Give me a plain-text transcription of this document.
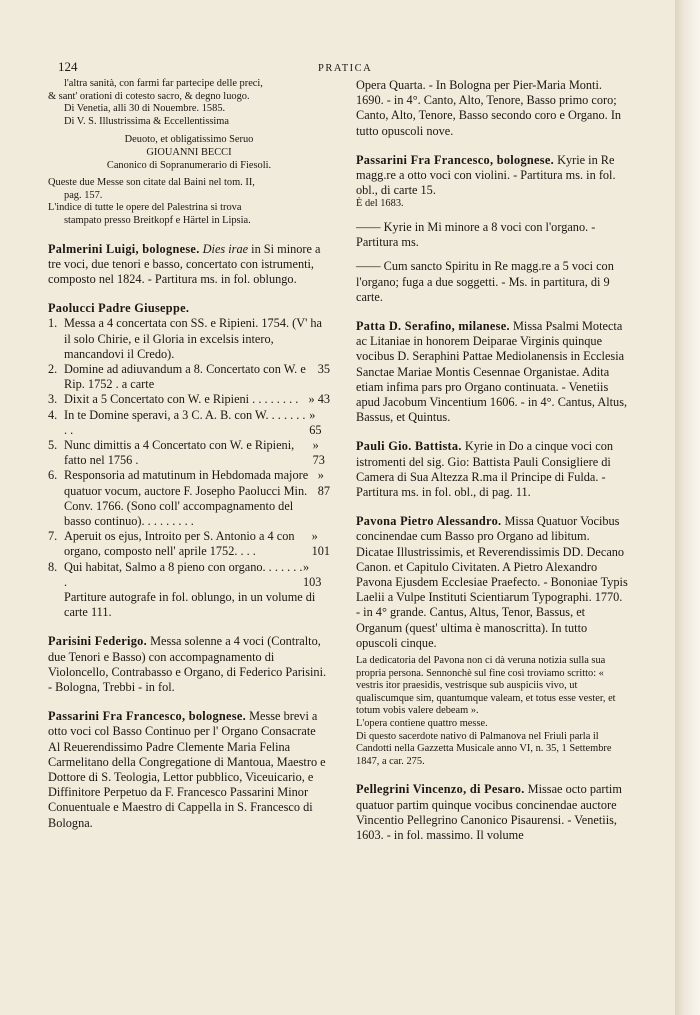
124	PRATICA
l'altra sanità, con farmi far partecipe delle preci,
& sant' orationi di cotesto sacro, & degno luogo.
Di Venetia, alli 30 di Nouembre. 1585.
Di V. S. Illustrissima & Eccellentissima
Deuoto, et obligatissimo Seruo
GIOUANNI BECCI
Canonico di Sopranumerario di Fiesoli.
Queste due Messe son citate dal Baini nel tom. II,
pag. 157.
L'indice di tutte le opere del Palestrina si trova
stampato presso Breitkopf e Härtel in Lipsia.
Palmerini Luigi, bolognese. Dies irae in Si minore a tre voci, due tenori e basso, concertato con istrumenti, composto nel 1824. - Partitura ms. in fol. oblungo.
Paolucci Padre Giuseppe.
1. Messa a 4 concertata con SS. e Ripieni. 1754. (V' ha il solo Chirie, e il Gloria in excelsis intero, mancandovi il Credo).
2. Domine ad adiuvandum a 8. Concertato con W. e Rip. 1752 . a carte
35
3. Dixit a 5 Concertato con W. e Ripieni . . . . . . . . » 43
4. In te Domine speravi, a 3 C. A. B. con W. . . . . . . . .
» 65
5. Nunc dimittis a 4 Concertato con W. e Ripieni, fatto nel 1756 .
» 73
6. Responsoria ad matutinum in Hebdomada majore quatuor vocum, auctore F. Josepho Paolucci Min. Conv. 1766. (Sono coll' accompagnamento del basso continuo). . . . . . . . .
» 87
7. Aperuit os ejus, Introito per S. Antonio a 4 con organo, composto nell' aprile 1752. . . .
» 101
8. Qui habitat, Salmo a 8 pieno con organo. . . . . . . .
» 103
Partiture autografe in fol. oblungo, in un volume di carte 111.
Parisini Federigo. Messa solenne a 4 voci (Contralto, due Tenori e Basso) con accompagnamento di Violoncello, Contrabasso e Organo, di Federico Parisini. - Bologna, Trebbi - in fol.
Passarini Fra Francesco, bolognese. Messe brevi a otto voci col Basso Continuo per l' Organo Consacrate Al Reuerendissimo Padre Clemente Maria Felina Carmelitano della Congregatione di Mantoua, Maestro e Dottore di S. Teologia, Lettor pubblico, Viceuicario, e Diffinitore Perpetuo da F. Francesco Passarini Minor Conuentuale e Maestro di Cappella in S. Francesco di Bologna.
Opera Quarta. - In Bologna per Pier-Maria Monti. 1690. - in 4°. Canto, Alto, Tenore, Basso primo coro; Canto, Alto, Tenore, Basso secondo coro e Organo. In tutto opuscoli nove.
Passarini Fra Francesco, bolognese. Kyrie in Re magg.re a otto voci con violini. - Partitura ms. in fol. obl., di carte 15.
È del 1683.
—— Kyrie in Mi minore a 8 voci con l'organo. - Partitura ms.
—— Cum sancto Spiritu in Re magg.re a 5 voci con l'organo; fuga a due soggetti. - Ms. in partitura, di 9 carte.
Patta D. Serafino, milanese. Missa Psalmi Motecta ac Litaniae in honorem Deiparae Virginis quinque vocibus D. Seraphini Pattae Mediolanensis in Ecclesia Sanctae Mariae Montis Cesennae Organistae. Adita etiam infima pars pro Organo continuata. - Venetiis apud Jacobum Vincentium 1606. - in 4°. Cantus, Altus, Bassus, et Quintus.
Pauli Gio. Battista. Kyrie in Do a cinque voci con istromenti del sig. Gio: Battista Pauli Consigliere di Camera di Sua Altezza R.ma il Principe di Fulda. - Partitura ms. in fol. obl., di pag. 11.
Pavona Pietro Alessandro. Missa Quatuor Vocibus concinendae cum Basso pro Organo ad libitum. Dicatae Illustrissimis, et Reverendissimis DD. Decano Canon. et Capitulo Civitaten. A Pietro Alexandro Pavona Ejusdem Ecclesiae Praefecto. - Bononiae Typis Laelii a Vulpe Instituti Scientiarum Typographi. 1770. - in 4° grande. Cantus, Altus, Tenor, Bassus, et Organum (quest' ultima è manoscritta). In tutto opuscoli cinque.
La dedicatoria del Pavona non ci dà veruna notizia sulla sua propria persona. Sennonchè sul fine così troviamo scritto: « vestris itor praesidis, vestrisque sub auspiciis vivo, ut qualiscumque sim, quantumque valeam, et totus esse vester, et totum vobis valere debeam ».
L'opera contiene quattro messe.
Di questo sacerdote nativo di Palmanova nel Friuli parla il Candotti nella Gazzetta Musicale anno VI, n. 35, 1 Settembre 1847, a car. 275.
Pellegrini Vincenzo, di Pesaro. Missae octo partim quatuor partim quinque vocibus concinendae auctore Vincentio Pellegrino Canonico Pisaurensi. - Venetiis, 1603. - in fol. massimo. Il volume
